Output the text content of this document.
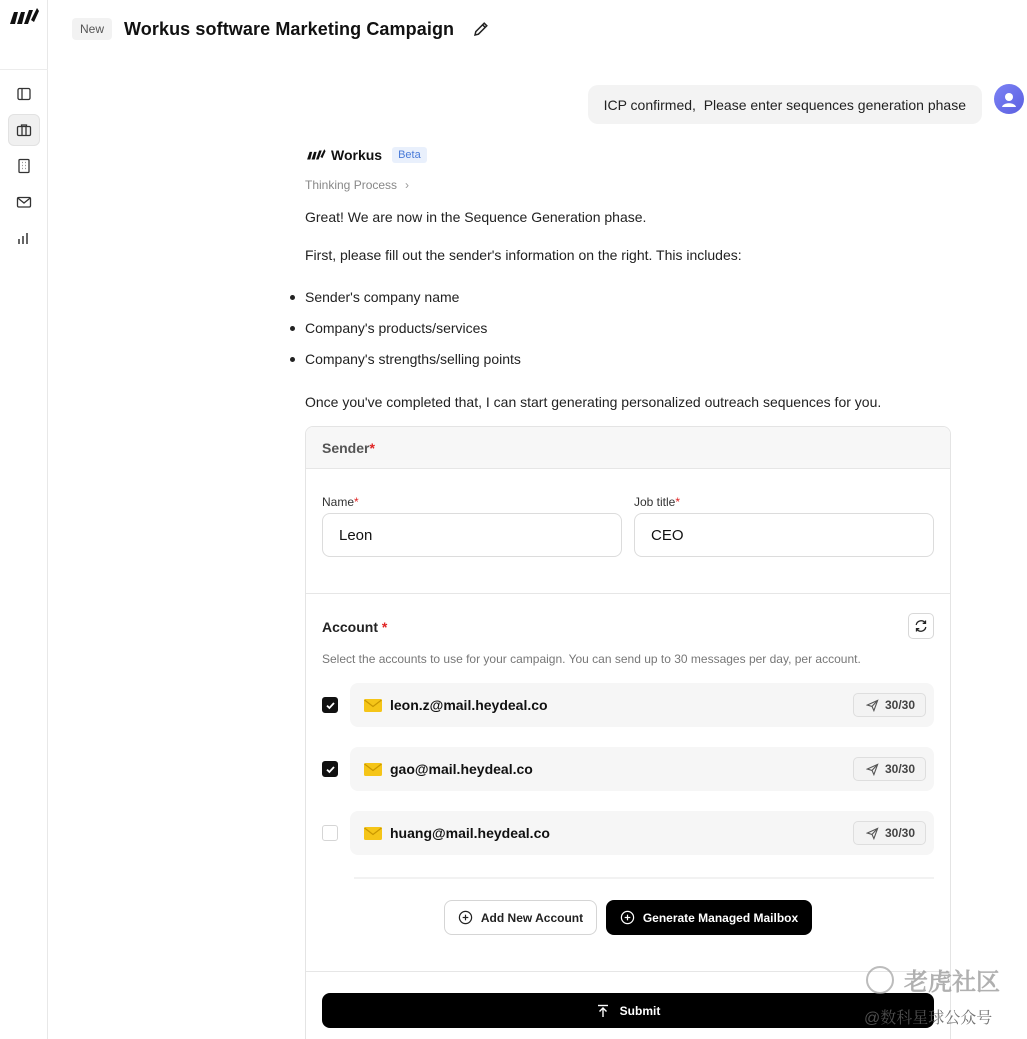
New	Workus software Marketing Campaign
ICP confirmed,  Please enter sequences generation phase
Workus	Beta
Thinking Process ›
Great! We are now in the Sequence Generation phase.
First, please fill out the sender's information on the right. This includes:
Sender's company name
Company's products/services
Company's strengths/selling points
Once you've completed that, I can start generating personalized outreach sequences for you.
Sender *
Name*
Leon
Job title*
CEO
Account *
Select the accounts to use for your campaign. You can send up to 30 messages per day, per account.
leon.z@mail.heydeal.co	30/30
gao@mail.heydeal.co	30/30
huang@mail.heydeal.co	30/30
Add New Account	Generate Managed Mailbox
Submit
老虎社区
@数科星球公众号
